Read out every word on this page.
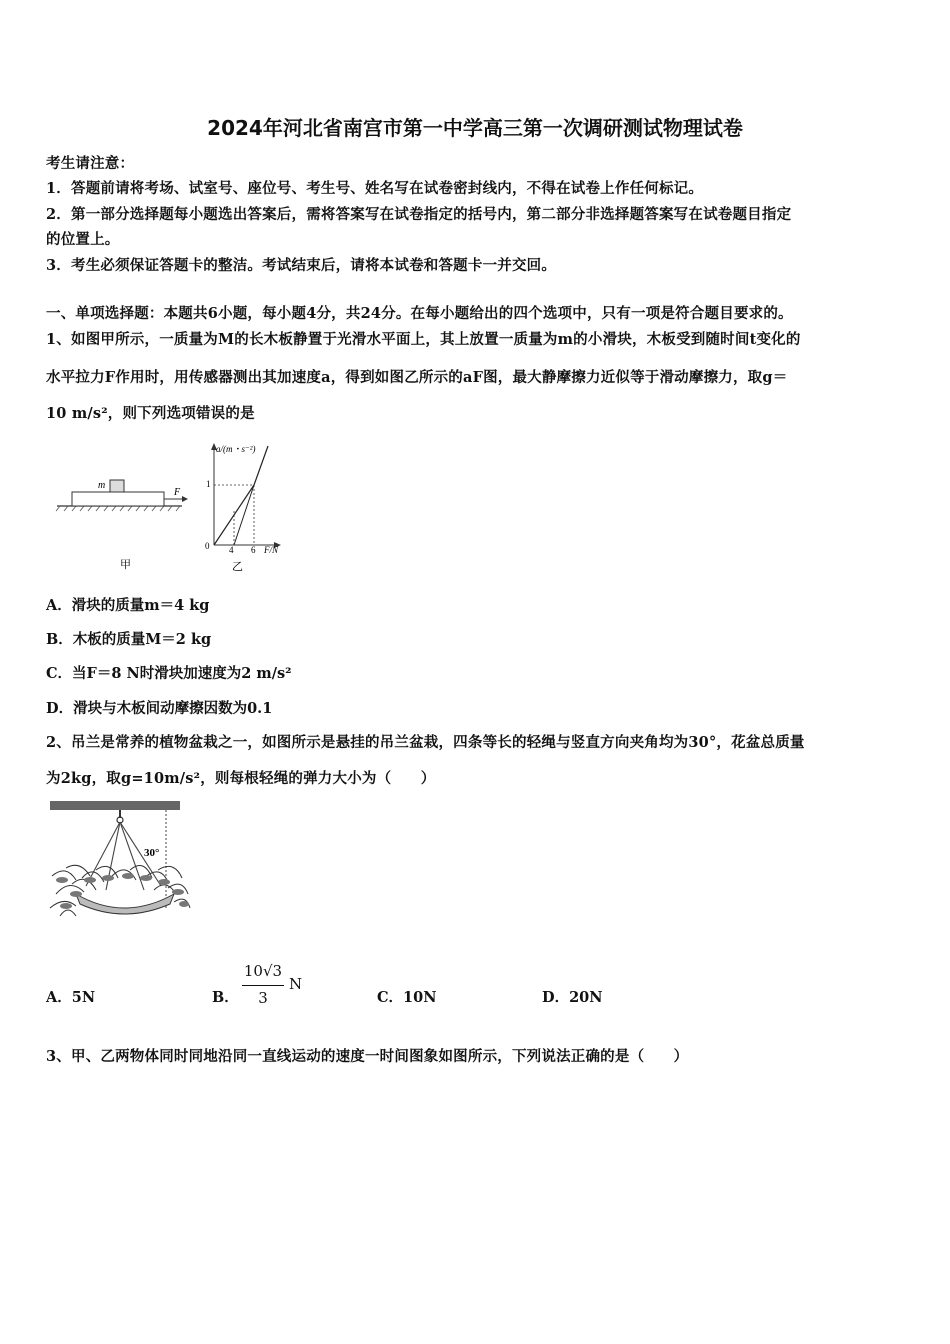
2024年河北省南宫市第一中学高三第一次调研测试物理试卷
考生请注意：
1．答题前请将考场、试室号、座位号、考生号、姓名写在试卷密封线内，不得在试卷上作任何标记。
2．第一部分选择题每小题选出答案后，需将答案写在试卷指定的括号内，第二部分非选择题答案写在试卷题目指定
的位置上。
3．考生必须保证答题卡的整洁。考试结束后，请将本试卷和答题卡一并交回。
一、单项选择题：本题共6小题，每小题4分，共24分。在每小题给出的四个选项中，只有一项是符合题目要求的。
1、如图甲所示，一质量为M的长木板静置于光滑水平面上，其上放置一质量为m的小滑块，木板受到随时间t变化的
水平拉力F作用时，用传感器测出其加速度a，得到如图乙所示的aF图，最大静摩擦力近似等于滑动摩擦力，取g＝
10 m/s²，则下列选项错误的是
m
F
甲
a/(m・s⁻²)
F/N
0 4 6
1
乙
A．滑块的质量m＝4 kg
B．木板的质量M＝2 kg
C．当F＝8 N时滑块加速度为2 m/s²
D．滑块与木板间动摩擦因数为0.1
2、吊兰是常养的植物盆栽之一，如图所示是悬挂的吊兰盆栽，四条等长的轻绳与竖直方向夹角均为30°，花盆总质量
为2kg，取g=10m/s²，则每根轻绳的弹力大小为（　　）
30°
A．5N	B．
10√3
3
N
C．10N	D．20N
3、甲、乙两物体同时同地沿同一直线运动的速度一时间图象如图所示，下列说法正确的是（　　）
